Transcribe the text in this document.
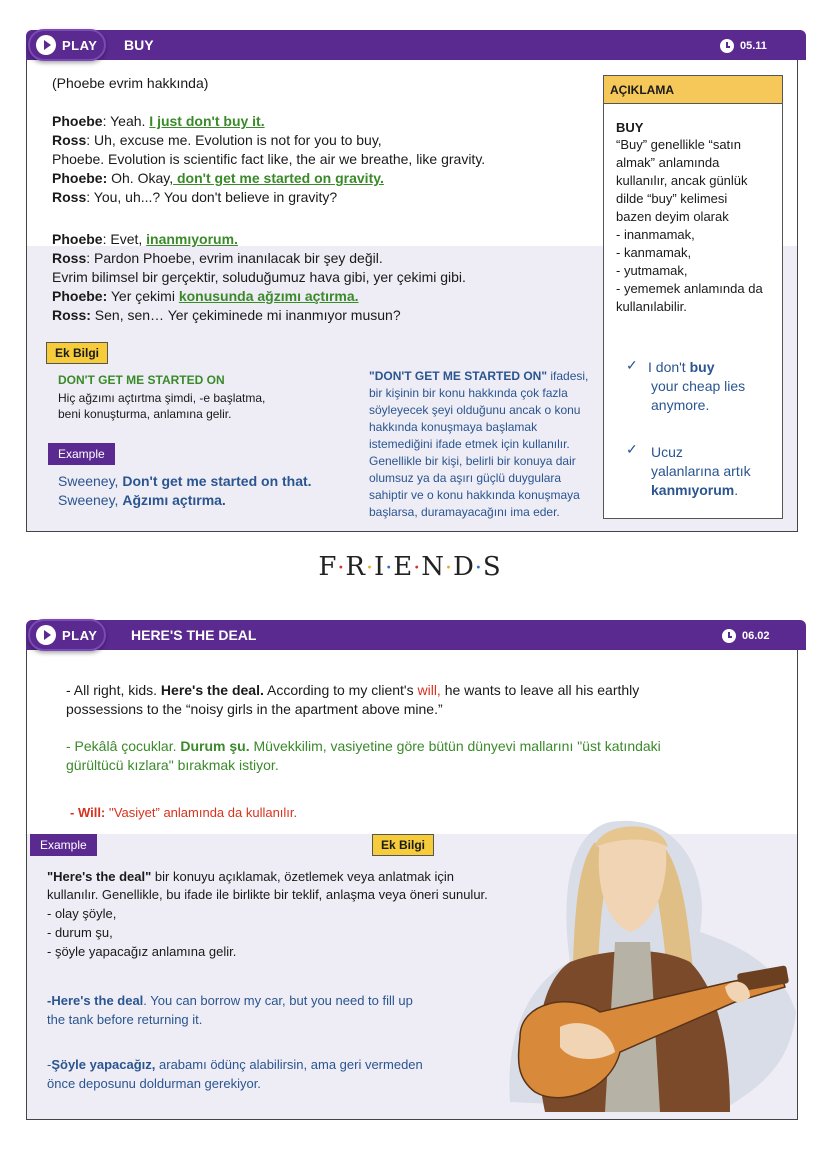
PLAY BUY	05.11
(Phoebe evrim hakkında)
Phoebe: Yeah. I just don't buy it.
Ross: Uh, excuse me. Evolution is not for you to buy,
Phoebe. Evolution is scientific fact like, the air we breathe, like gravity.
Phoebe: Oh. Okay, don't get me started on gravity.
Ross: You, uh...? You don't believe in gravity?
Phoebe: Evet, inanmıyorum.
Ross: Pardon Phoebe, evrim inanılacak bir şey değil.
Evrim bilimsel bir gerçektir, soluduğumuz hava gibi, yer çekimi gibi.
Phoebe: Yer çekimi konusunda ağzımı açtırma.
Ross: Sen, sen… Yer çekiminede mi inanmıyor musun?
Ek Bilgi
DON'T GET ME STARTED ON
Hiç ağzımı açtırtma şimdi, -e başlatma,
beni konuşturma, anlamına gelir.
Example
Sweeney, Don't get me started on that.
Sweeney, Ağzımı açtırma.
"DON'T GET ME STARTED ON" ifadesi,
bir kişinin bir konu hakkında çok fazla
söyleyecek şeyi olduğunu ancak o konu
hakkında konuşmaya başlamak
istemediğini ifade etmek için kullanılır.
Genellikle bir kişi, belirli bir konuya dair
olumsuz ya da aşırı güçlü duygulara
sahiptir ve o konu hakkında konuşmaya
başlarsa, duramayacağını ima eder.
AÇIKLAMA
BUY
“Buy” genellikle “satın
almak” anlamında
kullanılır, ancak günlük
dilde “buy” kelimesi
bazen deyim olarak
- inanmamak,
- kanmamak,
- yutmamak,
- yememek anlamında da
kullanılabilir.
✓ I don't buy
your cheap lies
anymore.
✓ Ucuz
yalanlarına artık
kanmıyorum.
F·R·I·E·N·D·S
PLAY HERE'S THE DEAL	06.02
- All right, kids. Here's the deal. According to my client's will, he wants to leave all his earthly
possessions to the “noisy girls in the apartment above mine.”
- Pekâlâ çocuklar. Durum şu. Müvekkilim, vasiyetine göre bütün dünyevi mallarını "üst katındaki
gürültücü kızlara" bırakmak istiyor.
- Will: ''Vasiyet” anlamında da kullanılır.
Example	Ek Bilgi
"Here's the deal" bir konuyu açıklamak, özetlemek veya anlatmak için
kullanılır. Genellikle, bu ifade ile birlikte bir teklif, anlaşma veya öneri sunulur.
- olay şöyle,
- durum şu,
- şöyle yapacağız anlamına gelir.
-Here's the deal. You can borrow my car, but you need to fill up
the tank before returning it.
-Şöyle yapacağız, arabamı ödünç alabilirsin, ama geri vermeden
önce deposunu doldurman gerekiyor.
